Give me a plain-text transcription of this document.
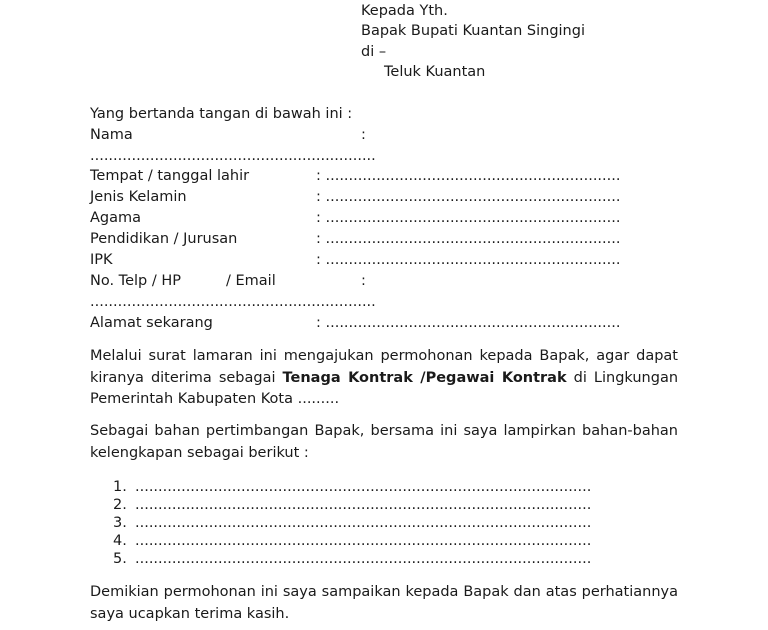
Kepada Yth.
Bapak Bupati Kuantan Singingi
di –
Teluk Kuantan
Yang bertanda tangan di bawah ini :
Nama	:
..............................................................
Tempat / tanggal lahir	: ................................................................
Jenis Kelamin	: ................................................................
Agama	: ................................................................
Pendidikan / Jurusan	: ................................................................
IPK	: ................................................................
No. Telp / HP	/ Email	:
..............................................................
Alamat sekarang	: ................................................................
Melalui surat lamaran ini mengajukan permohonan kepada Bapak, agar dapat kiranya diterima sebagai Tenaga Kontrak /Pegawai Kontrak di Lingkungan Pemerintah Kabupaten Kota .........
Sebagai bahan pertimbangan Bapak, bersama ini saya lampirkan bahan-bahan kelengkapan sebagai berikut :
1. ...................................................................................................
2. ...................................................................................................
3. ...................................................................................................
4. ...................................................................................................
5. ...................................................................................................
Demikian permohonan ini saya sampaikan kepada Bapak dan atas perhatiannya saya ucapkan terima kasih.
